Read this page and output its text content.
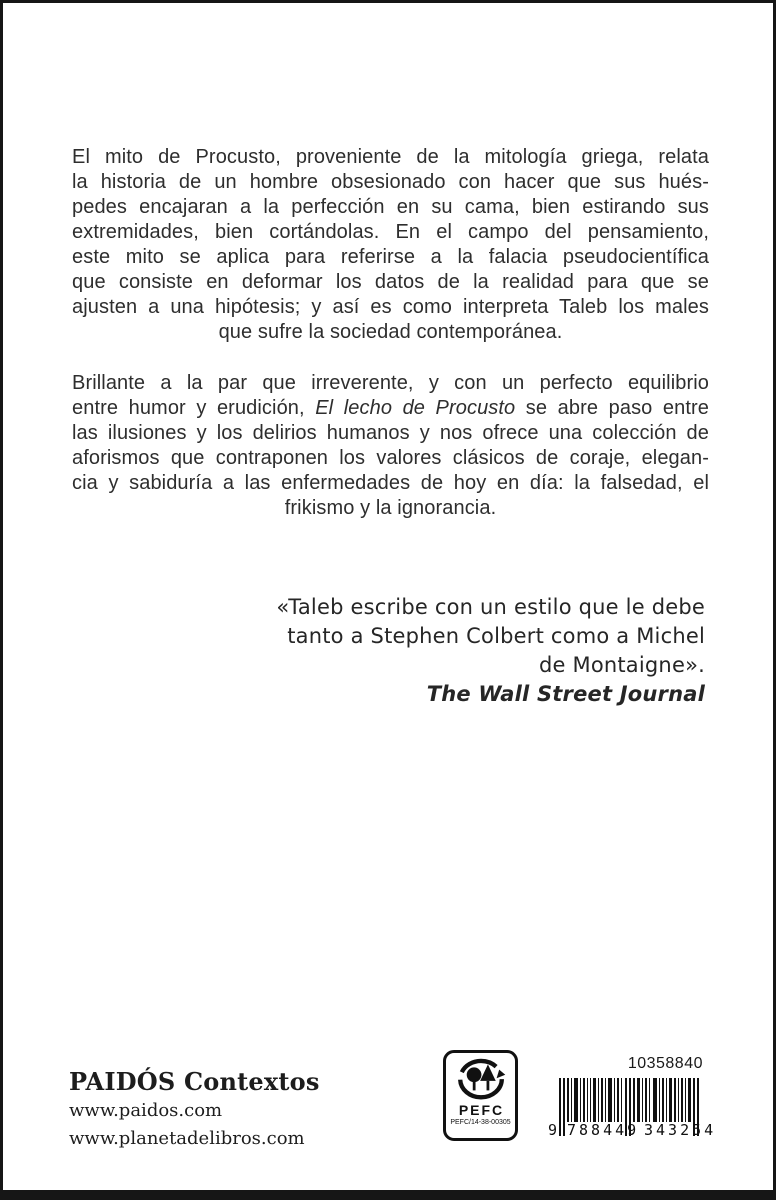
El mito de Procusto, proveniente de la mitología griega, relata
la historia de un hombre obsesionado con hacer que sus hués-
pedes encajaran a la perfección en su cama, bien estirando sus
extremidades, bien cortándolas. En el campo del pensamiento,
este mito se aplica para referirse a la falacia pseudocientífica
que consiste en deformar los datos de la realidad para que se
ajusten a una hipótesis; y así es como interpreta Taleb los males
que sufre la sociedad contemporánea.
Brillante a la par que irreverente, y con un perfecto equilibrio
entre humor y erudición, El lecho de Procusto se abre paso entre
las ilusiones y los delirios humanos y nos ofrece una colección de
aforismos que contraponen los valores clásicos de coraje, elegan-
cia y sabiduría a las enfermedades de hoy en día: la falsedad, el
frikismo y la ignorancia.
«Taleb escribe con un estilo que le debe
tanto a Stephen Colbert como a Michel
de Montaigne».
The Wall Street Journal
PAIDÓS Contextos
www.paidos.com
www.planetadelibros.com
PEFC
PEFC/14-38-00305
10358840
9 788449 343254
